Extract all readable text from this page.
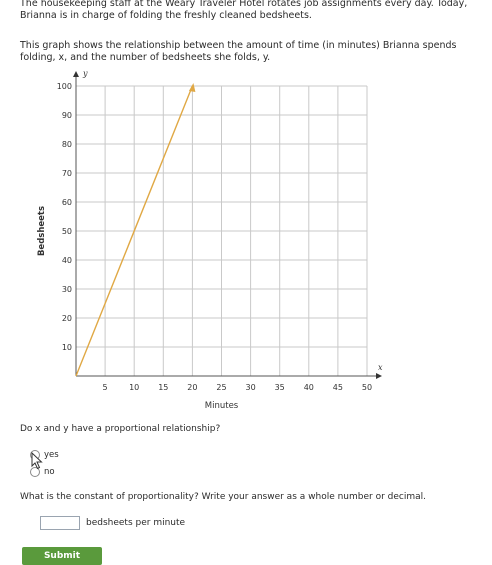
The housekeeping staff at the Weary Traveler Hotel rotates job assignments every day. Today,
Brianna is in charge of folding the freshly cleaned bedsheets.
This graph shows the relationship between the amount of time (in minutes) Brianna spends
folding, x, and the number of bedsheets she folds, y.
5	10 15 20 25 30 35 40 45 50
10
20
30
40
50
60
70
80
90
100
y
x
Minutes
Bedsheets
Do x and y have a proportional relationship?
yes
no
What is the constant of proportionality? Write your answer as a whole number or decimal.
bedsheets per minute
Submit
